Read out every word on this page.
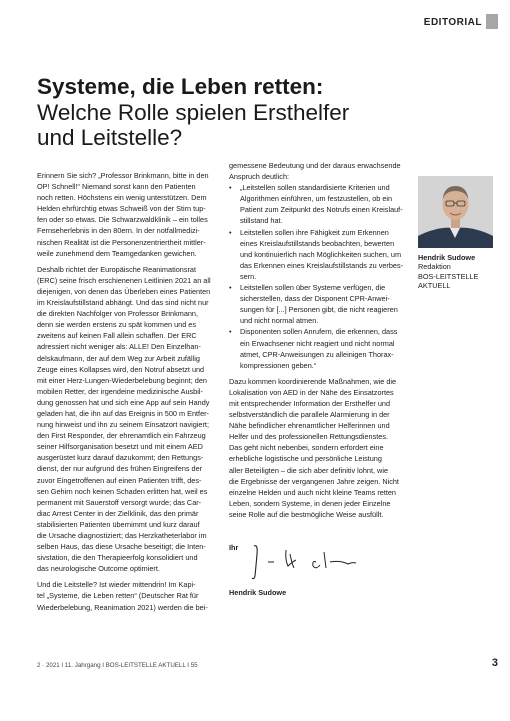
EDITORIAL
Systeme, die Leben retten:
Welche Rolle spielen Ersthelfer
und Leitstelle?
Erinnern Sie sich? „Professor Brinkmann, bitte in den
OP! Schnell!“ Niemand sonst kann den Patienten
noch retten. Höchstens ein wenig unterstützen. Dem
Helden ehrfürchtig etwas Schweiß von der Stirn tup-
fen oder so etwas. Die Schwarzwaldklinik – ein tolles
Fernseherlebnis in den 80ern. In der notfallmedizi-
nischen Realität ist die Personenzentriertheit mittler-
weile zunehmend dem Teamgedanken gewichen.
Deshalb richtet der Europäische Reanimationsrat
(ERC) seine frisch erschienenen Leitlinien 2021 an all
diejenigen, von denen das Überleben eines Patienten
im Kreislaufstillstand abhängt. Und das sind nicht nur
die direkten Nachfolger von Professor Brinkmann,
denn sie werden erstens zu spät kommen und es
zweitens auf keinen Fall allein schaffen. Der ERC
adressiert nicht weniger als: ALLE! Den Einzelhan-
delskaufmann, der auf dem Weg zur Arbeit zufällig
Zeuge eines Kollapses wird, den Notruf absetzt und
mit einer Herz-Lungen-Wiederbelebung beginnt; den
mobilen Retter, der irgendeine medizinische Ausbil-
dung genossen hat und sich eine App auf sein Handy
geladen hat, die ihn auf das Ereignis in 500 m Entfer-
nung hinweist und ihn zu seinem Einsatzort navigiert;
den First Responder, der ehrenamtlich ein Fahrzeug
seiner Hilfsorganisation besetzt und mit einem AED
ausgerüstet kurz darauf dazukommt; den Rettungs-
dienst, der nur aufgrund des frühen Eingreifens der
zuvor Eingetroffenen auf einen Patienten trifft, des-
sen Gehirn noch keinen Schaden erlitten hat, weil es
permanent mit Sauerstoff versorgt wurde; das Car-
diac Arrest Center in der Zielklinik, das den primär
stabilisierten Patienten übernimmt und kurz darauf
die Ursache diagnostiziert; das Herzkatheterlabor im
selben Haus, das diese Ursache beseitigt; die Inten-
sivstation, die den Therapieerfolg konsolidiert und
das neurologische Outcome optimiert.
Und die Leitstelle? Ist wieder mittendrin! Im Kapi-
tel „Systeme, die Leben retten“ (Deutscher Rat für
Wiederbelebung, Reanimation 2021) werden die bei-
gemessene Bedeutung und der daraus erwachsende
Anspruch deutlich:
• „Leitstellen sollen standardisierte Kriterien und
Algorithmen einführen, um festzustellen, ob ein
Patient zum Zeitpunkt des Notrufs einen Kreislauf-
stillstand hat.
• Leitstellen sollen ihre Fähigkeit zum Erkennen
eines Kreislaufstillstands beobachten, bewerten
und kontinuierlich nach Möglichkeiten suchen, um
das Erkennen eines Kreislaufstillstands zu verbes-
sern.
• Leitstellen sollen über Systeme verfügen, die
sicherstellen, dass der Disponent CPR-Anwei-
sungen für [...] Personen gibt, die nicht reagieren
und nicht normal atmen.
• Disponenten sollen Anrufern, die erkennen, dass
ein Erwachsener nicht reagiert und nicht normal
atmet, CPR-Anweisungen zu alleinigen Thorax-
kompressionen geben.“
Dazu kommen koordinierende Maßnahmen, wie die
Lokalisation von AED in der Nähe des Einsatzortes
mit entsprechender Information der Ersthelfer und
selbstverständlich die parallele Alarmierung in der
Nähe befindlicher ehrenamtlicher Helferinnen und
Helfer und des professionellen Rettungsdienstes.
Das geht nicht nebenbei, sondern erfordert eine
erhebliche logistische und persönliche Leistung
aller Beteiligten – die sich aber definitiv lohnt, wie
die Ergebnisse der vergangenen Jahre zeigen. Nicht
einzelne Helden und auch nicht kleine Teams retten
Leben, sondern Systeme, in denen jeder Einzelne
seine Rolle auf die bestmögliche Weise ausfüllt.
Hendrik Sudowe
Redaktion
BOS-LEITSTELLE
AKTUELL
Ihr
Hendrik Sudowe
2 · 2021 I 11. Jahrgang I BOS-LEITSTELLE AKTUELL I 55	3
